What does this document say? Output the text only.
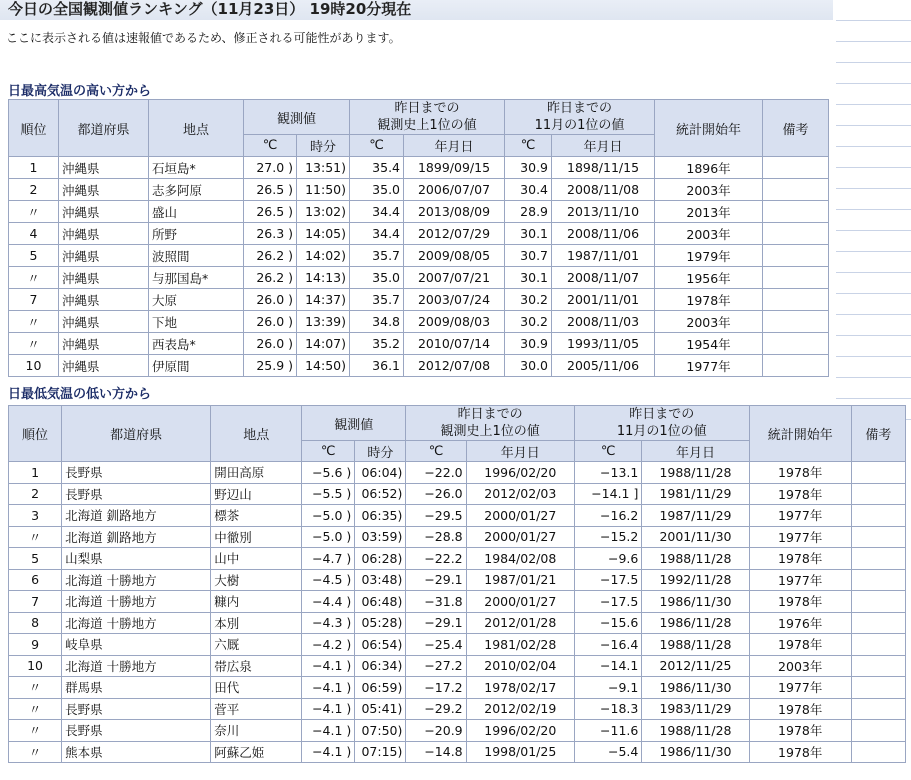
今日の全国観測値ランキング（11月23日） 19時20分現在
ここに表示される値は速報値であるため、修正される可能性があります。
日最高気温の高い方から
順位	都道府県	地点	観測値		昨日までの
観測史上1位の値		昨日までの
11月の1位の値		統計開始年	備考
			℃	時分	℃	年月日	℃	年月日		
1	沖縄県	石垣島*	27.0 )	13:51)	35.4	1899/09/15	30.9	1898/11/15	1896年	
2	沖縄県	志多阿原	26.5 )	11:50)	35.0	2006/07/07	30.4	2008/11/08	2003年	
〃	沖縄県	盛山	26.5 )	13:02)	34.4	2013/08/09	28.9	2013/11/10	2013年	
4	沖縄県	所野	26.3 )	14:05)	34.4	2012/07/29	30.1	2008/11/06	2003年	
5	沖縄県	波照間	26.2 )	14:02)	35.7	2009/08/05	30.7	1987/11/01	1979年	
〃	沖縄県	与那国島*	26.2 )	14:13)	35.0	2007/07/21	30.1	2008/11/07	1956年	
7	沖縄県	大原	26.0 )	14:37)	35.7	2003/07/24	30.2	2001/11/01	1978年	
〃	沖縄県	下地	26.0 )	13:39)	34.8	2009/08/03	30.2	2008/11/03	2003年	
〃	沖縄県	西表島*	26.0 )	14:07)	35.2	2010/07/14	30.9	1993/11/05	1954年	
10	沖縄県	伊原間	25.9 )	14:50)	36.1	2012/07/08	30.0	2005/11/06	1977年	
日最低気温の低い方から
順位	都道府県	地点	観測値		昨日までの
観測史上1位の値		昨日までの
11月の1位の値		統計開始年	備考
			℃	時分	℃	年月日	℃	年月日		
1	長野県	開田高原	−5.6 )	06:04)	−22.0	1996/02/20	−13.1	1988/11/28	1978年	
2	長野県	野辺山	−5.5 )	06:52)	−26.0	2012/02/03	−14.1 ]	1981/11/29	1978年	
3	北海道 釧路地方	標茶	−5.0 )	06:35)	−29.5	2000/01/27	−16.2	1987/11/29	1977年	
〃	北海道 釧路地方	中徹別	−5.0 )	03:59)	−28.8	2000/01/27	−15.2	2001/11/30	1977年	
5	山梨県	山中	−4.7 )	06:28)	−22.2	1984/02/08	−9.6	1988/11/28	1978年	
6	北海道 十勝地方	大樹	−4.5 )	03:48)	−29.1	1987/01/21	−17.5	1992/11/28	1977年	
7	北海道 十勝地方	糠内	−4.4 )	06:48)	−31.8	2000/01/27	−17.5	1986/11/30	1978年	
8	北海道 十勝地方	本別	−4.3 )	05:28)	−29.1	2012/01/28	−15.6	1986/11/28	1976年	
9	岐阜県	六厩	−4.2 )	06:54)	−25.4	1981/02/28	−16.4	1988/11/28	1978年	
10	北海道 十勝地方	帯広泉	−4.1 )	06:34)	−27.2	2010/02/04	−14.1	2012/11/25	2003年	
〃	群馬県	田代	−4.1 )	06:59)	−17.2	1978/02/17	−9.1	1986/11/30	1977年	
〃	長野県	菅平	−4.1 )	05:41)	−29.2	2012/02/19	−18.3	1983/11/29	1978年	
〃	長野県	奈川	−4.1 )	07:50)	−20.9	1996/02/20	−11.6	1988/11/28	1978年	
〃	熊本県	阿蘇乙姫	−4.1 )	07:15)	−14.8	1998/01/25	−5.4	1986/11/30	1978年	
